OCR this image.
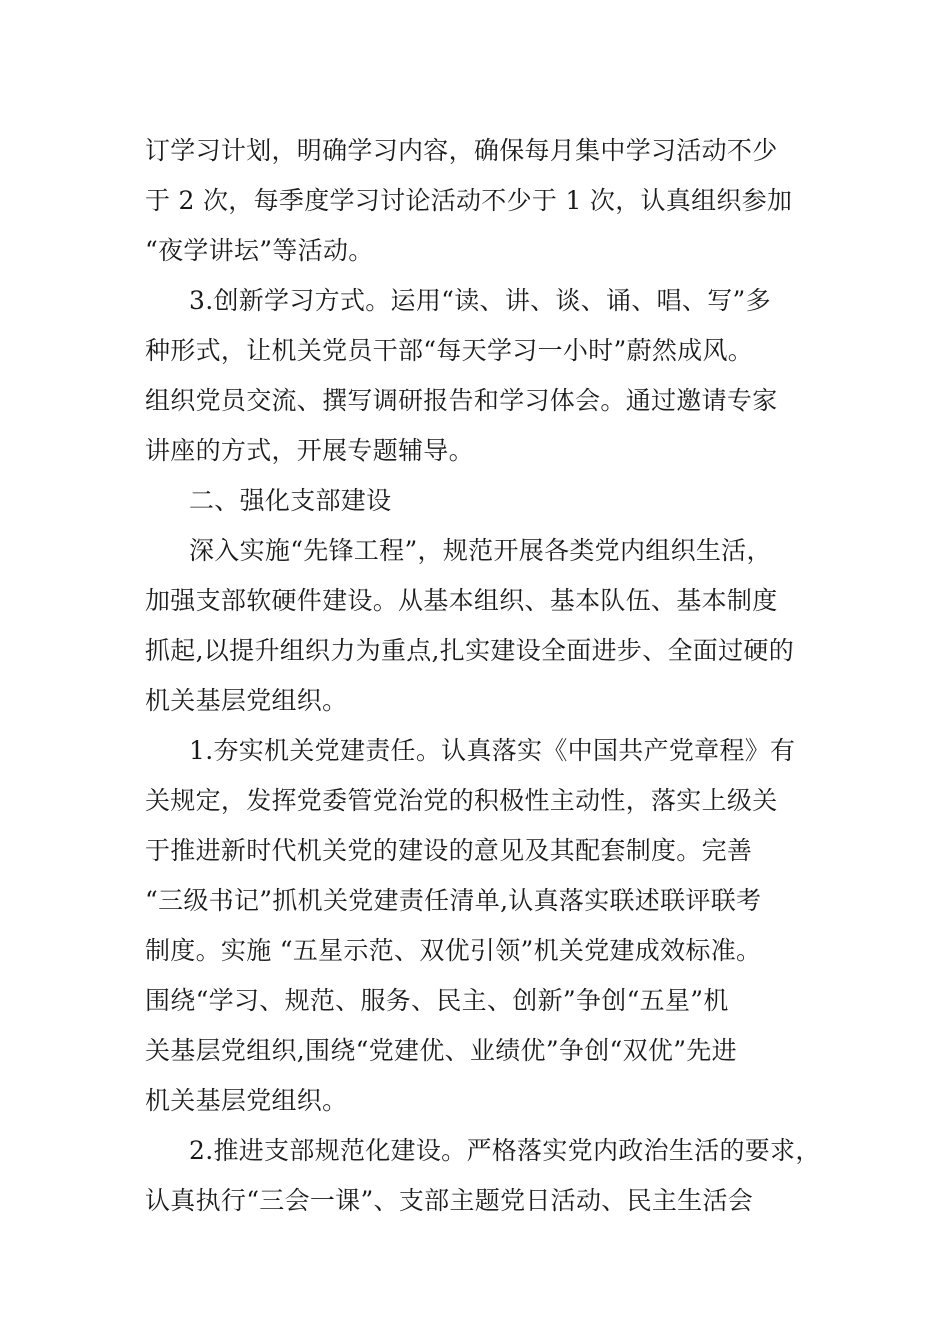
订学习计划，明确学习内容，确保每月集中学习活动不少
于 2 次，每季度学习讨论活动不少于 1 次，认真组织参加
“夜学讲坛”等活动。
3.创新学习方式。运用“读、讲、谈、诵、唱、写”多
种形式，让机关党员干部“每天学习一小时”蔚然成风。
组织党员交流、撰写调研报告和学习体会。通过邀请专家
讲座的方式，开展专题辅导。
二、强化支部建设
深入实施“先锋工程”，规范开展各类党内组织生活，
加强支部软硬件建设。从基本组织、基本队伍、基本制度
抓起,以提升组织力为重点,扎实建设全面进步、全面过硬的
机关基层党组织。
1.夯实机关党建责任。认真落实《中国共产党章程》有
关规定，发挥党委管党治党的积极性主动性，落实上级关
于推进新时代机关党的建设的意见及其配套制度。完善
“三级书记”抓机关党建责任清单,认真落实联述联评联考
制度。实施 “五星示范、双优引领”机关党建成效标准。
围绕“学习、规范、服务、民主、创新”争创“五星”机
关基层党组织,围绕“党建优、业绩优”争创“双优”先进
机关基层党组织。
2.推进支部规范化建设。严格落实党内政治生活的要求，
认真执行“三会一课”、支部主题党日活动、民主生活会
